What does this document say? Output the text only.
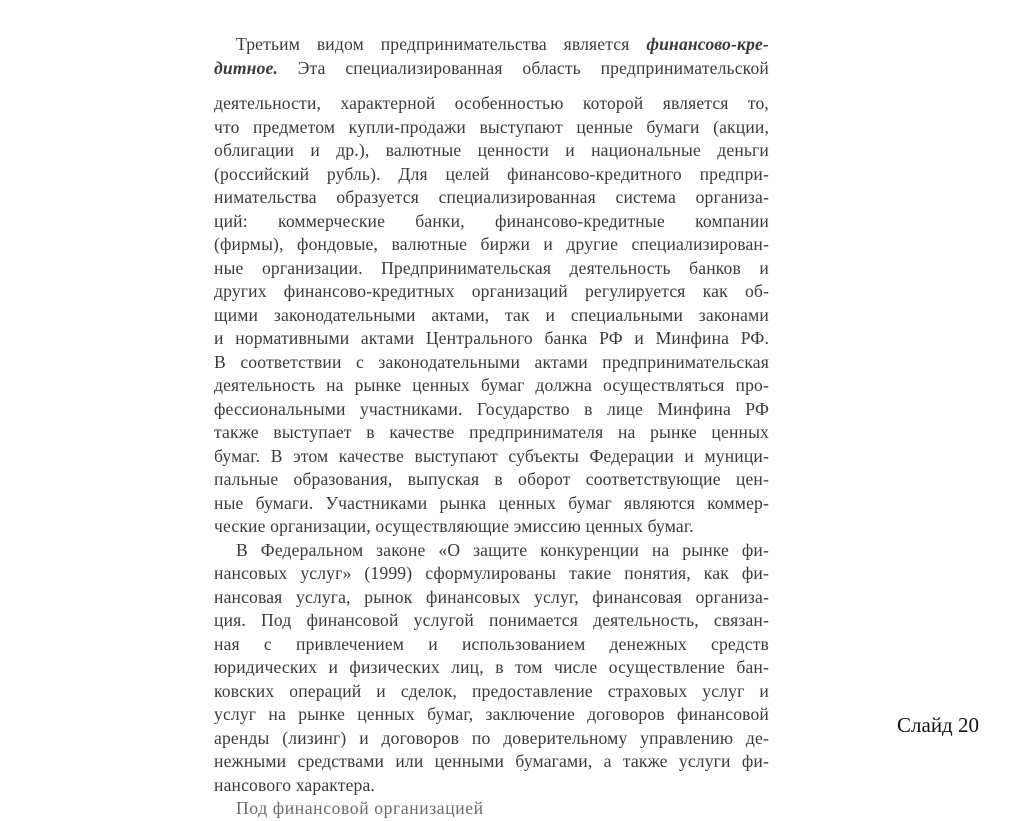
Третьим видом предпринимательства является финансово-кре-
дитное. Эта специализированная область предпринимательской
деятельности, характерной особенностью которой является то,
что предметом купли-продажи выступают ценные бумаги (акции,
облигации и др.), валютные ценности и национальные деньги
(российский рубль). Для целей финансово-кредитного предпри-
нимательства образуется специализированная система организа-
ций: коммерческие банки, финансово-кредитные компании
(фирмы), фондовые, валютные биржи и другие специализирован-
ные организации. Предпринимательская деятельность банков и
других финансово-кредитных организаций регулируется как об-
щими законодательными актами, так и специальными законами
и нормативными актами Центрального банка РФ и Минфина РФ.
В соответствии с законодательными актами предпринимательская
деятельность на рынке ценных бумаг должна осуществляться про-
фессиональными участниками. Государство в лице Минфина РФ
также выступает в качестве предпринимателя на рынке ценных
бумаг. В этом качестве выступают субъекты Федерации и муници-
пальные образования, выпуская в оборот соответствующие цен-
ные бумаги. Участниками рынка ценных бумаг являются коммер-
ческие организации, осуществляющие эмиссию ценных бумаг.
В Федеральном законе «О защите конкуренции на рынке фи-
нансовых услуг» (1999) сформулированы такие понятия, как фи-
нансовая услуга, рынок финансовых услуг, финансовая организа-
ция. Под финансовой услугой понимается деятельность, связан-
ная с привлечением и использованием денежных средств
юридических и физических лиц, в том числе осуществление бан-
ковских операций и сделок, предоставление страховых услуг и
услуг на рынке ценных бумаг, заключение договоров финансовой
аренды (лизинг) и договоров по доверительному управлению де-
нежными средствами или ценными бумагами, а также услуги фи-
нансового характера.
Под финансовой организацией
Слайд 20
